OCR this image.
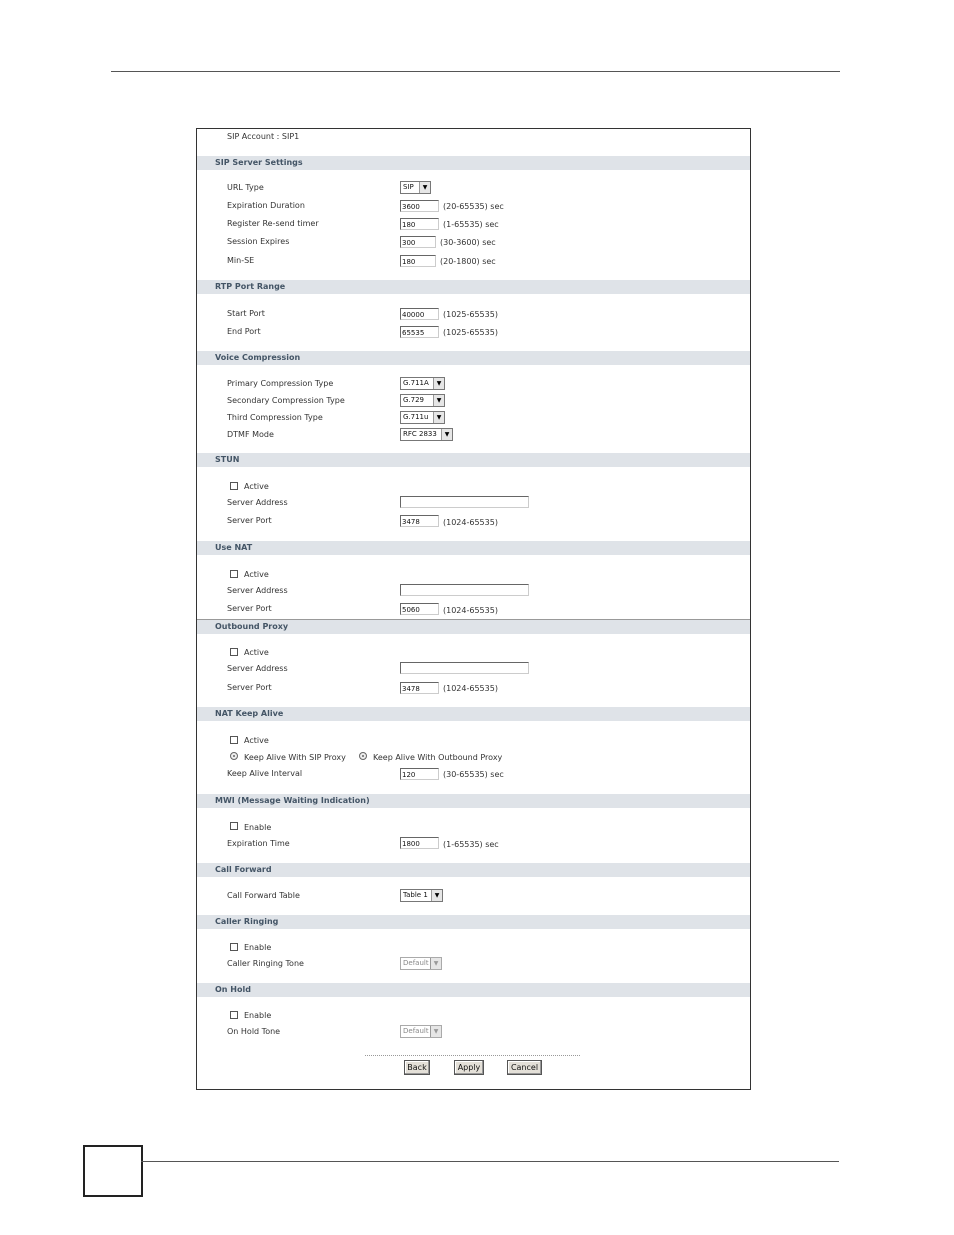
SIP Account : SIP1
SIP Server Settings
URL Type	SIP	▼
Expiration Duration	3600	(20-65535) sec
Register Re-send timer	180	(1-65535) sec
Session Expires	300	(30-3600) sec
Min-SE	180	(20-1800) sec
RTP Port Range
Start Port	40000	(1025-65535)
End Port	65535	(1025-65535)
Voice Compression
Primary Compression Type	G.711A	▼
Secondary Compression Type	G.729	▼
Third Compression Type	G.711u	▼
DTMF Mode	RFC 2833	▼
STUN
Active
Server Address
Server Port	3478	(1024-65535)
Use NAT
Active
Server Address
Server Port	5060	(1024-65535)
Outbound Proxy
Active
Server Address
Server Port	3478	(1024-65535)
NAT Keep Alive
Active
Keep Alive With SIP Proxy	Keep Alive With Outbound Proxy
Keep Alive Interval	120	(30-65535) sec
MWI (Message Waiting Indication)
Enable
Expiration Time	1800	(1-65535) sec
Call Forward
Call Forward Table	Table 1	▼
Caller Ringing
Enable
Caller Ringing Tone	Default ▼
On Hold
Enable
On Hold Tone	Default ▼
Back	Apply	Cancel
